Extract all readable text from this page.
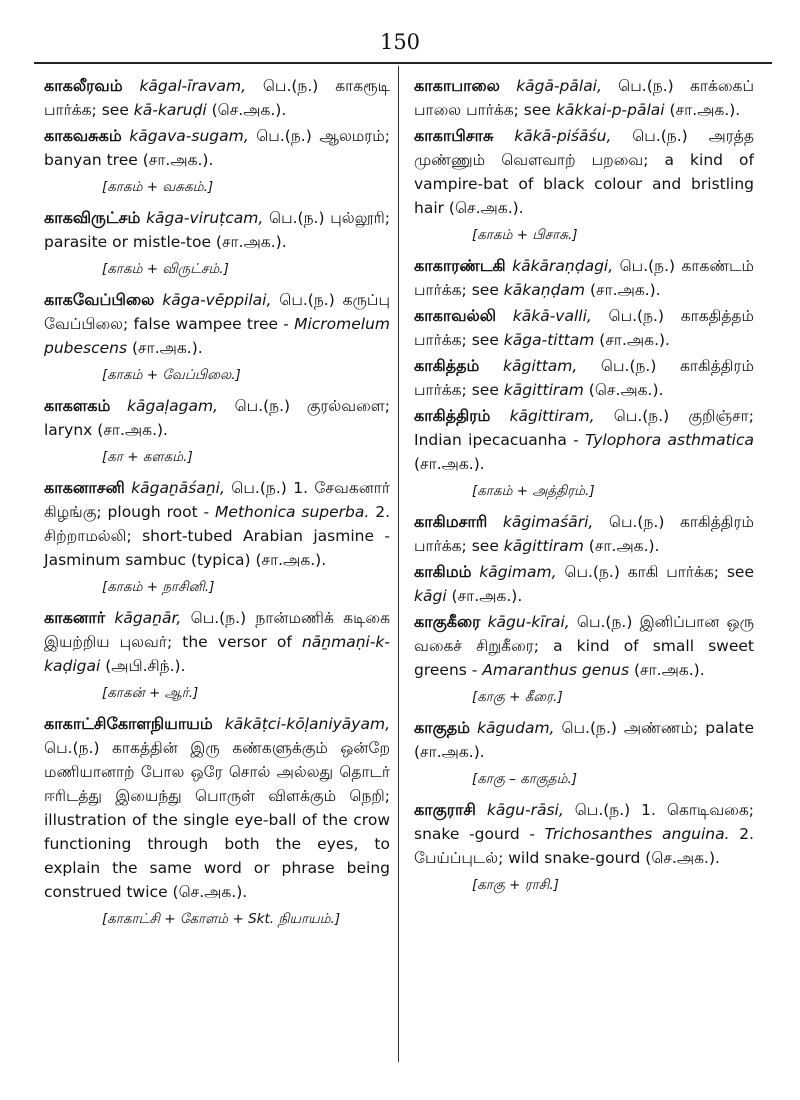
150
காகலீரவம் kāgal-īravam, பெ.(ந.) காகரூடி பார்க்க; see kā-karuḍi (செ.அக.).
காகவசுகம் kāgava-sugam, பெ.(ந.) ஆலமரம்; banyan tree (சா.அக.).
[காகம் + வசுகம்.]
காகவிருட்சம் kāga-viruṭcam, பெ.(ந.) புல்லூரி; parasite or mistle-toe (சா.அக.).
[காகம் + விருட்சம்.]
காகவேப்பிலை kāga-vēppilai, பெ.(ந.) கருப்பு வேப்பிலை; false wampee tree - Micromelum pubescens (சா.அக.).
[காகம் + வேப்பிலை.]
காகளகம் kāgaḷagam, பெ.(ந.) குரல்வளை; larynx (சா.அக.).
[கா + களகம்.]
காகனாசனி kāgaṉāśaṉi, பெ.(ந.) 1. சேவகனார் கிழங்கு; plough root - Methonica superba. 2. சிற்றாமல்லி; short-tubed Arabian jasmine - Jasminum sambuc (typica) (சா.அக.).
[காகம் + நாசினி.]
காகனார் kāgaṉār, பெ.(ந.) நான்மணிக் கடிகை இயற்றிய புலவர்; the versor of nāṉmaṇi-k-kaḍigai (அபி.சிந்.).
[காகன் + ஆர்.]
காகாட்சிகோளநியாயம் kākāṭci-kōḷaniyāyam, பெ.(ந.) காகத்தின் இரு கண்களுக்கும் ஒன்றே மணியானாற் போல ஒரே சொல் அல்லது தொடர் ஈரிடத்து இயைந்து பொருள் விளக்கும் நெறி; illustration of the single eye-ball of the crow functioning through both the eyes, to explain the same word or phrase being construed twice (செ.அக.).
[காகாட்சி + கோளம் + Skt. நியாயம்.]
காகாபாலை kāgā-pālai, பெ.(ந.) காக்கைப் பாலை பார்க்க; see kākkai-p-pālai (சா.அக.).
காகாபிசாசு kākā-piśāśu, பெ.(ந.) அரத்த முண்ணும் வௌவாற் பறவை; a kind of vampire-bat of black colour and bristling hair (செ.அக.).
[காகம் + பிசாசு.]
காகாரண்டகி kākāraṇḍagi, பெ.(ந.) காகண்டம் பார்க்க; see kākaṇḍam (சா.அக.).
காகாவல்லி kākā-valli, பெ.(ந.) காகதித்தம் பார்க்க; see kāga-tittam (சா.அக.).
காகித்தம் kāgittam, பெ.(ந.) காகித்திரம் பார்க்க; see kāgittiram (செ.அக.).
காகித்திரம் kāgittiram, பெ.(ந.) குறிஞ்சா; Indian ipecacuanha - Tylophora asthmatica (சா.அக.).
[காகம் + அத்திரம்.]
காகிமசாரி kāgimaśāri, பெ.(ந.) காகித்திரம் பார்க்க; see kāgittiram (சா.அக.).
காகிமம் kāgimam, பெ.(ந.) காகி பார்க்க; see kāgi (சா.அக.).
காகுகீரை kāgu-kīrai, பெ.(ந.) இனிப்பான ஒரு வகைச் சிறுகீரை; a kind of small sweet greens - Amaranthus genus (சா.அக.).
[காகு + கீரை.]
காகுதம் kāgudam, பெ.(ந.) அண்ணம்; palate (சா.அக.).
[காகு – காகுதம்.]
காகுராசி kāgu-rāsi, பெ.(ந.) 1. கொடிவகை; snake -gourd - Trichosanthes anguina. 2. பேய்ப்புடல்; wild snake-gourd (செ.அக.).
[காகு + ராசி.]
